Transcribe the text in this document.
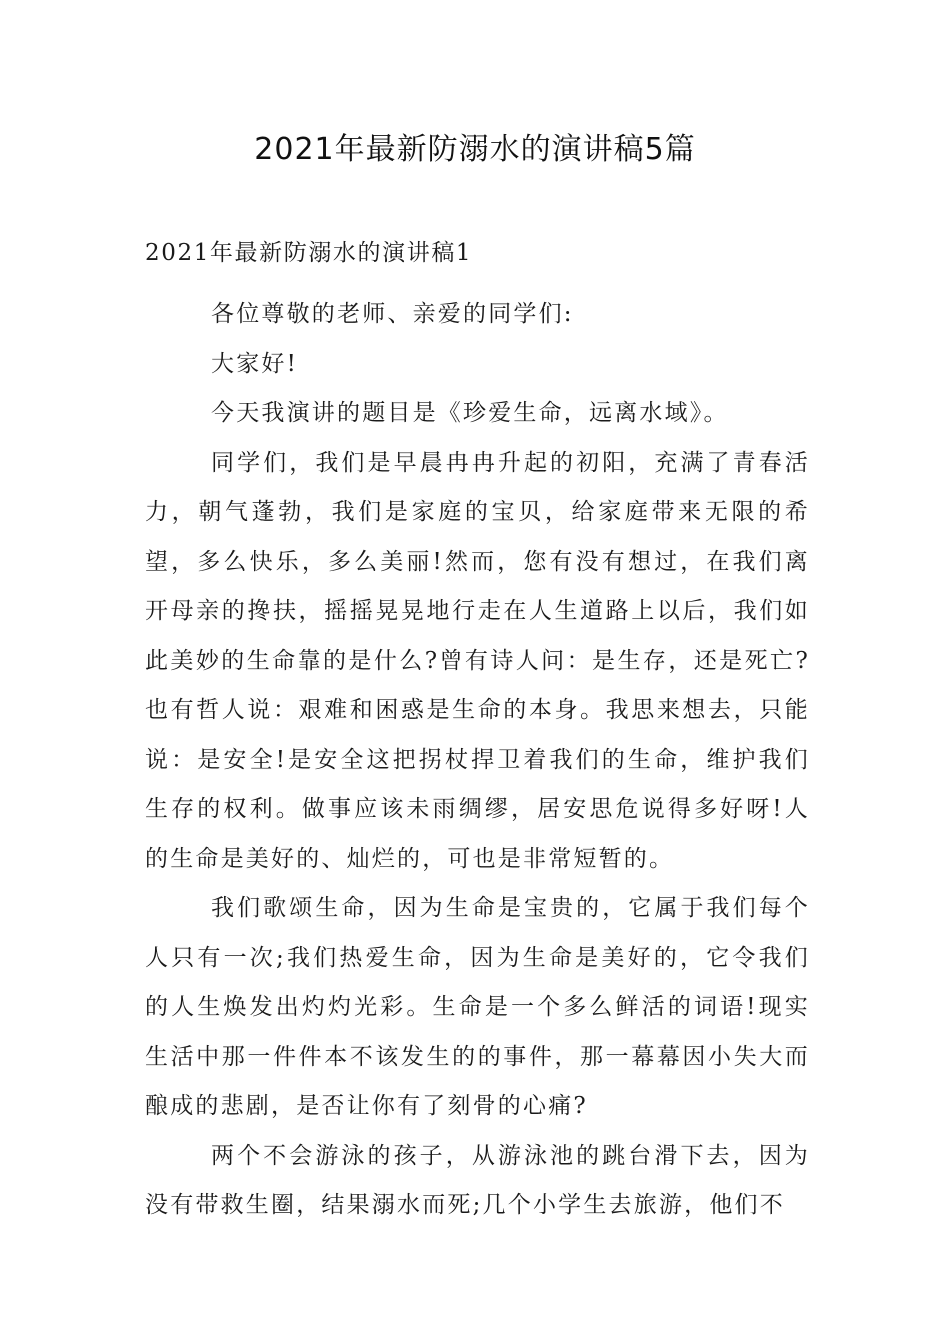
2021年最新防溺水的演讲稿5篇
2021年最新防溺水的演讲稿1

各位尊敬的老师、亲爱的同学们:

大家好!

今天我演讲的题目是《珍爱生命，远离水域》。

同学们，我们是早晨冉冉升起的初阳，充满了青春活力，朝气蓬勃，我们是家庭的宝贝，给家庭带来无限的希望，多么快乐，多么美丽!然而，您有没有想过，在我们离开母亲的搀扶，摇摇晃晃地行走在人生道路上以后，我们如此美妙的生命靠的是什么?曾有诗人问：是生存，还是死亡?也有哲人说：艰难和困惑是生命的本身。我思来想去，只能说：是安全!是安全这把拐杖捍卫着我们的生命，维护我们生存的权利。做事应该未雨绸缪，居安思危说得多好呀!人的生命是美好的、灿烂的，可也是非常短暂的。

我们歌颂生命，因为生命是宝贵的，它属于我们每个人只有一次;我们热爱生命，因为生命是美好的，它令我们的人生焕发出灼灼光彩。生命是一个多么鲜活的词语!现实生活中那一件件本不该发生的的事件，那一幕幕因小失大而酿成的悲剧，是否让你有了刻骨的心痛?

两个不会游泳的孩子，从游泳池的跳台滑下去，因为没有带救生圈，结果溺水而死;几个小学生去旅游，他们不
